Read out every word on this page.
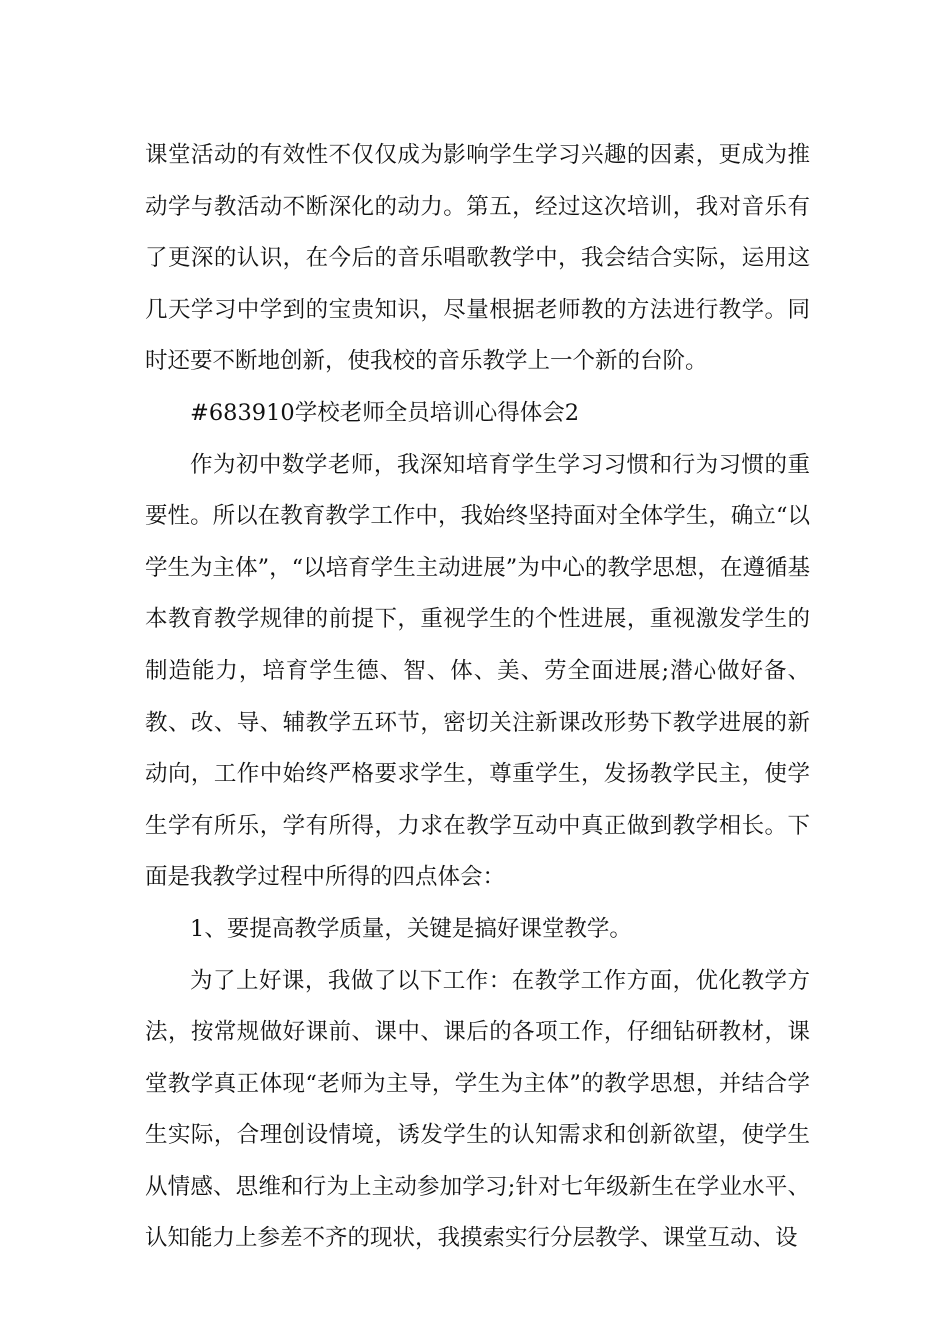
课堂活动的有效性不仅仅成为影响学生学习兴趣的因素，更成为推动学与教活动不断深化的动力。第五，经过这次培训，我对音乐有了更深的认识，在今后的音乐唱歌教学中，我会结合实际，运用这几天学习中学到的宝贵知识，尽量根据老师教的方法进行教学。同时还要不断地创新，使我校的音乐教学上一个新的台阶。

#683910学校老师全员培训心得体会2

作为初中数学老师，我深知培育学生学习习惯和行为习惯的重要性。所以在教育教学工作中，我始终坚持面对全体学生，确立“以学生为主体”，“以培育学生主动进展”为中心的教学思想，在遵循基本教育教学规律的前提下，重视学生的个性进展，重视激发学生的制造能力，培育学生德、智、体、美、劳全面进展;潜心做好备、教、改、导、辅教学五环节，密切关注新课改形势下教学进展的新动向，工作中始终严格要求学生，尊重学生，发扬教学民主，使学生学有所乐，学有所得，力求在教学互动中真正做到教学相长。下面是我教学过程中所得的四点体会：

1、要提高教学质量，关键是搞好课堂教学。

为了上好课，我做了以下工作：在教学工作方面，优化教学方法，按常规做好课前、课中、课后的各项工作，仔细钻研教材，课堂教学真正体现“老师为主导，学生为主体”的教学思想，并结合学生实际，合理创设情境，诱发学生的认知需求和创新欲望，使学生从情感、思维和行为上主动参加学习;针对七年级新生在学业水平、认知能力上参差不齐的现状，我摸索实行分层教学、课堂互动、设
